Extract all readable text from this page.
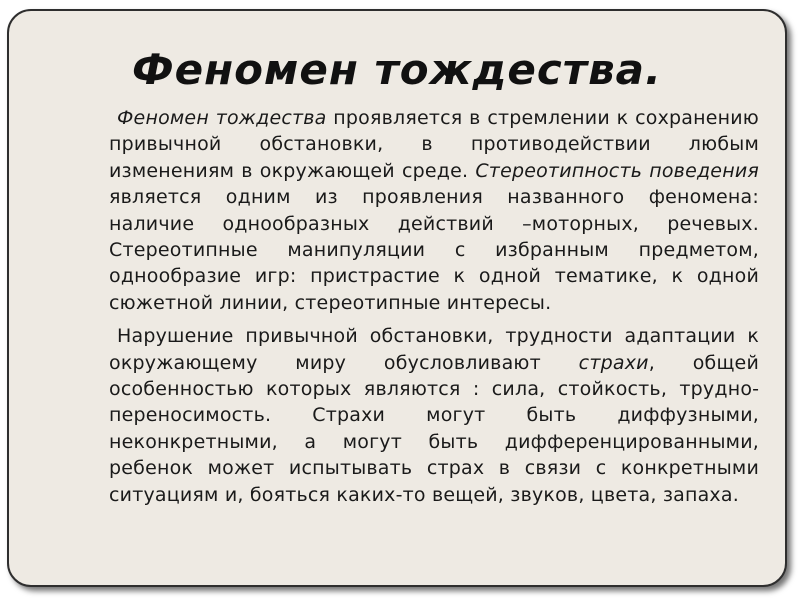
Феномен тождества.

Феномен тождества проявляется в стремлении к сохранению привычной обстановки, в противодействии любым изменениям в окружающей среде. Стереотипность поведения является одним из проявления названного феномена: наличие однообразных действий –моторных, речевых. Стереотипные манипуляции с избранным предметом, однообразие игр: пристрастие к одной тематике, к одной сюжетной линии, стереотипные интересы.

Нарушение привычной обстановки, трудности адаптации к окружающему миру обусловливают страхи, общей особенностью которых являются : сила, стойкость, труднопереносимость. Страхи могут быть диффузными, неконкретными, а могут быть дифференцированными, ребенок может испытывать страх в связи с конкретными ситуациям и, бояться каких-то вещей, звуков, цвета, запаха.
